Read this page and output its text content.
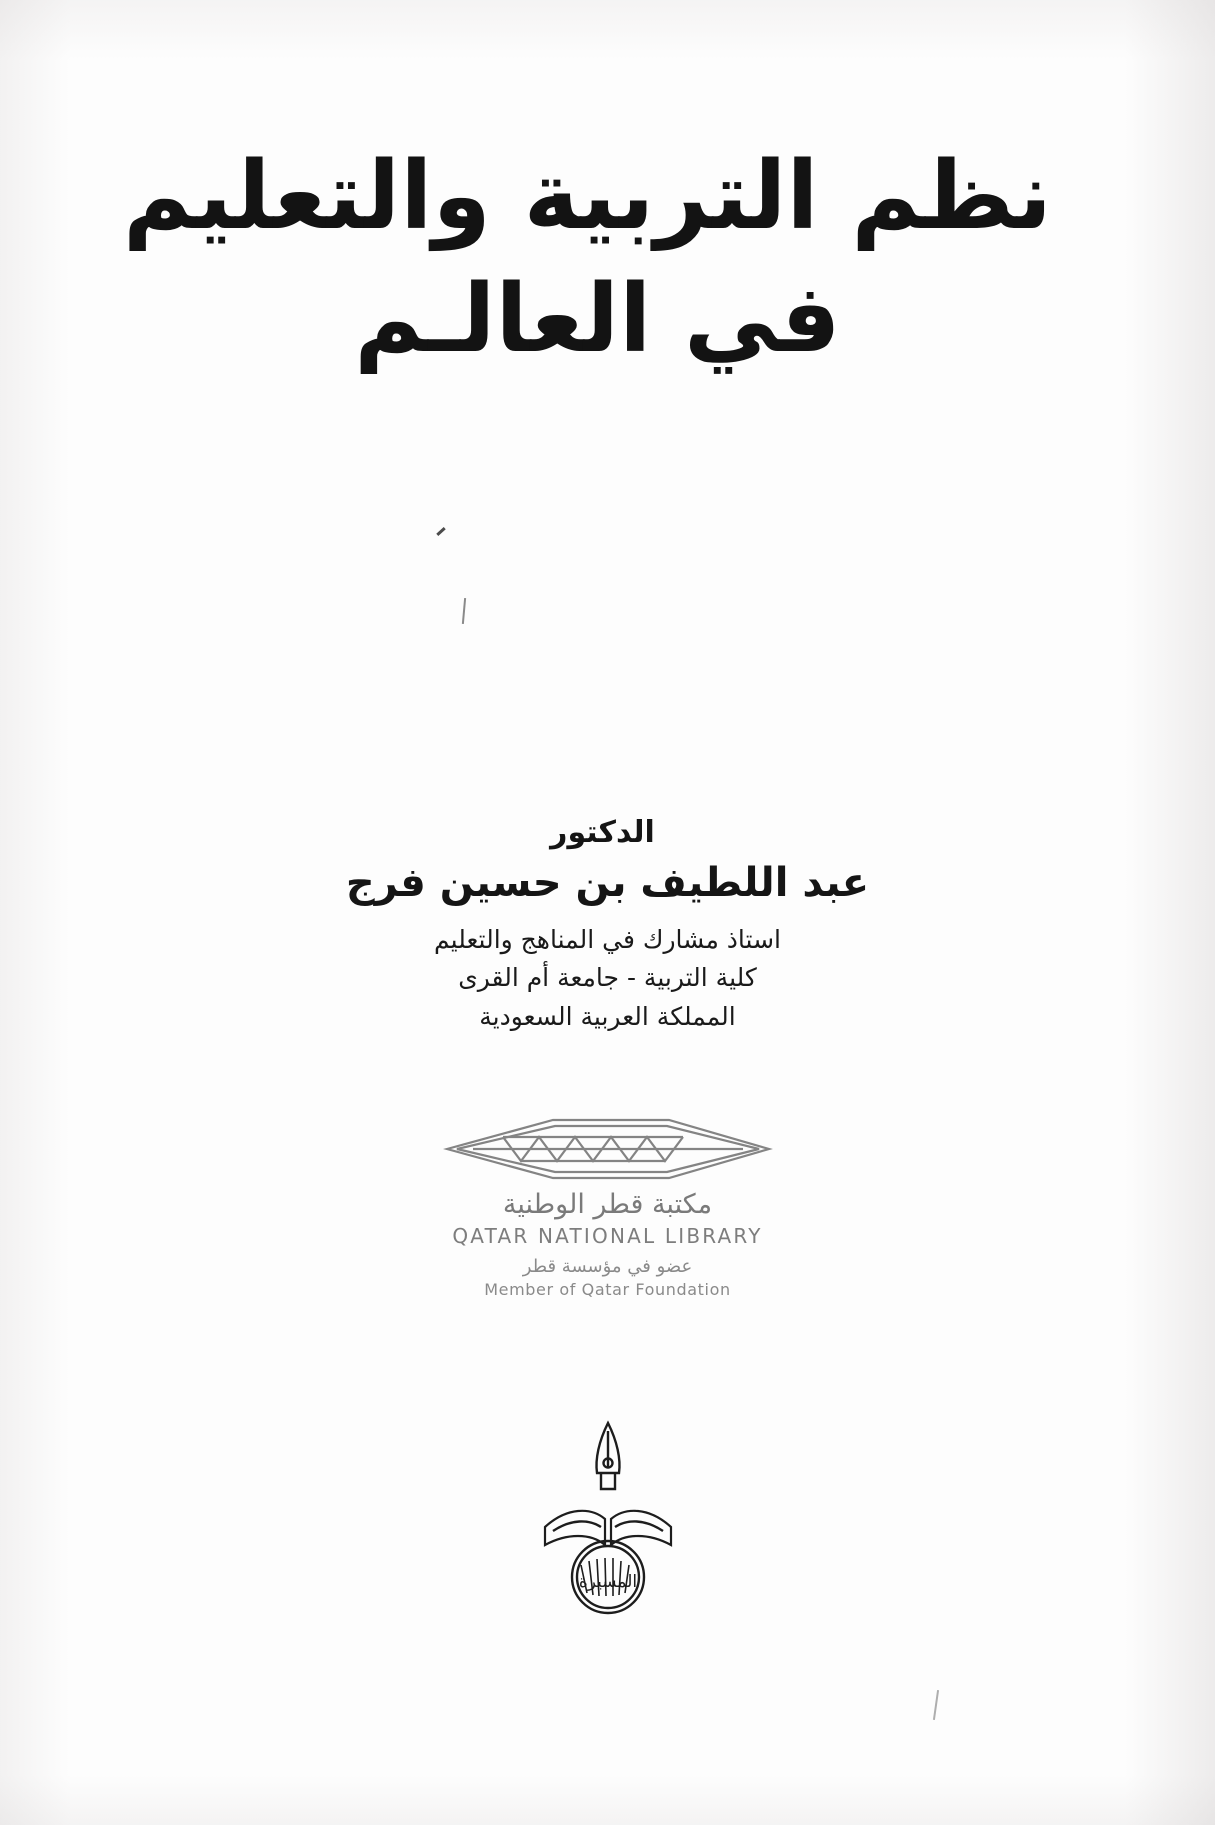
نظم التربية والتعليم
في العالـم
الدكتور
عبد اللطيف بن حسين فرج
استاذ مشارك في المناهج والتعليم
كلية التربية - جامعة أم القرى
المملكة العربية السعودية
مكتبة قطر الوطنية
QATAR NATIONAL LIBRARY
عضو في مؤسسة قطر
Member of Qatar Foundation
المسيرة
